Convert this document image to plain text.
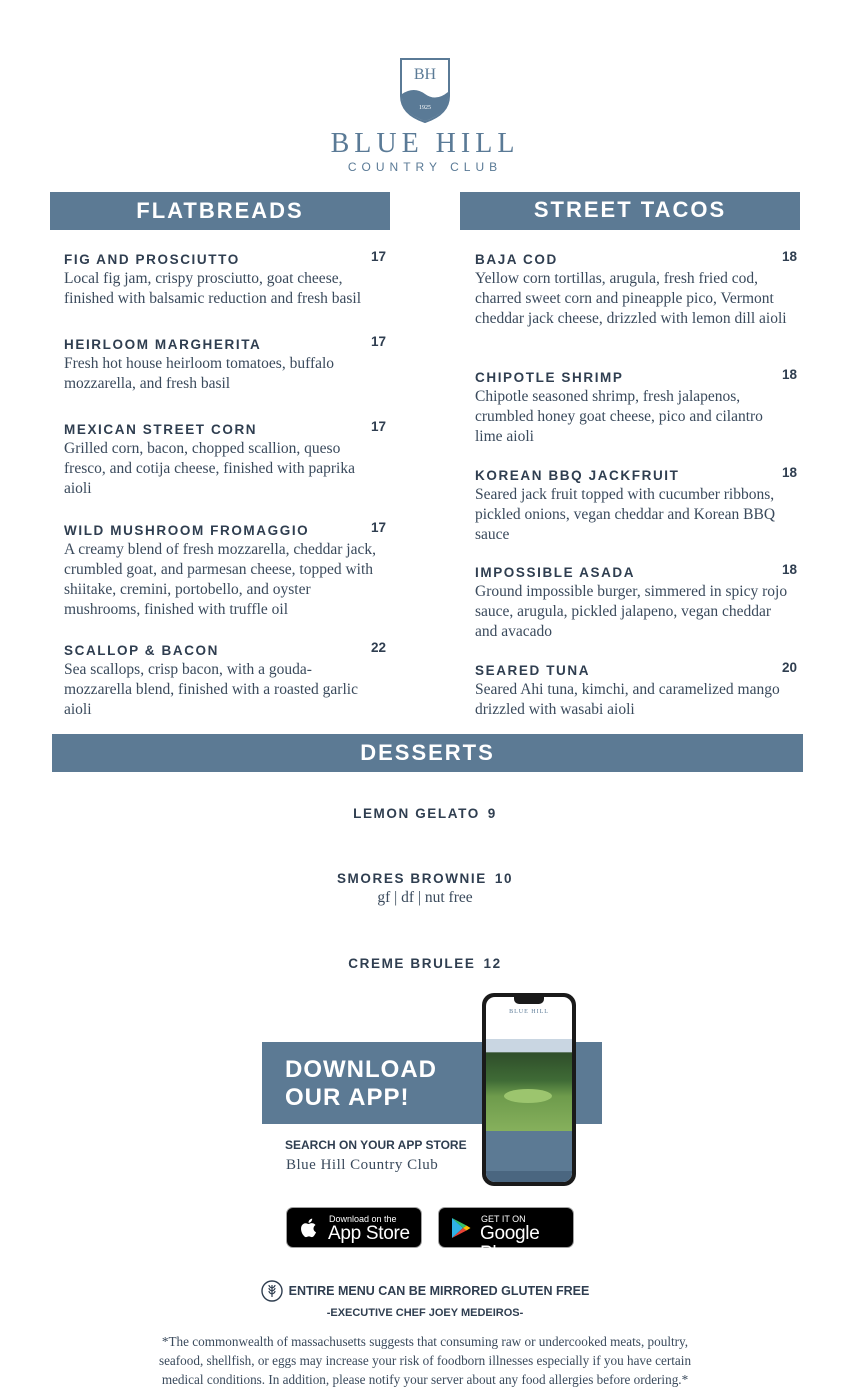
BH
1925
BLUE HILL
COUNTRY CLUB
FLATBREADS	STREET TACOS
FIG AND PROSCIUTTO	17
Local fig jam, crispy prosciutto, goat cheese, finished with balsamic reduction and fresh basil
HEIRLOOM MARGHERITA	17
Fresh hot house heirloom tomatoes, buffalo mozzarella, and fresh basil
MEXICAN STREET CORN	17
Grilled corn, bacon, chopped scallion, queso fresco, and cotija cheese, finished with paprika aioli
WILD MUSHROOM FROMAGGIO	17
A creamy blend of fresh mozzarella, cheddar jack, crumbled goat, and parmesan cheese, topped with shiitake, cremini, portobello, and oyster mushrooms, finished with truffle oil
SCALLOP & BACON	22
Sea scallops, crisp bacon, with a gouda-mozzarella blend, finished with a roasted garlic aioli
BAJA COD	18
Yellow corn tortillas, arugula, fresh fried cod, charred sweet corn and pineapple pico, Vermont cheddar jack cheese, drizzled with lemon dill aioli
CHIPOTLE SHRIMP	18
Chipotle seasoned shrimp, fresh jalapenos, crumbled honey goat cheese, pico and cilantro lime aioli
KOREAN BBQ JACKFRUIT	18
Seared jack fruit topped with cucumber ribbons, pickled onions, vegan cheddar and Korean BBQ sauce
IMPOSSIBLE ASADA	18
Ground impossible burger, simmered in spicy rojo sauce, arugula, pickled jalapeno, vegan cheddar and avacado
SEARED TUNA	20
Seared Ahi tuna, kimchi, and caramelized mango drizzled with wasabi aioli
DESSERTS
LEMON GELATO 9
SMORES BROWNIE 10
gf | df | nut free
CREME BRULEE 12
DOWNLOAD
OUR APP!
SEARCH ON YOUR APP STORE
Blue Hill Country Club
BLUE HILL
Download on the
App Store
GET IT ON
Google Play
ENTIRE MENU CAN BE MIRRORED GLUTEN FREE
-EXECUTIVE CHEF JOEY MEDEIROS-
*The commonwealth of massachusetts suggests that consuming raw or undercooked meats, poultry, seafood, shellfish, or eggs may increase your risk of foodborn illnesses especially if you have certain medical conditions. In addition, please notify your server about any food allergies before ordering.*
